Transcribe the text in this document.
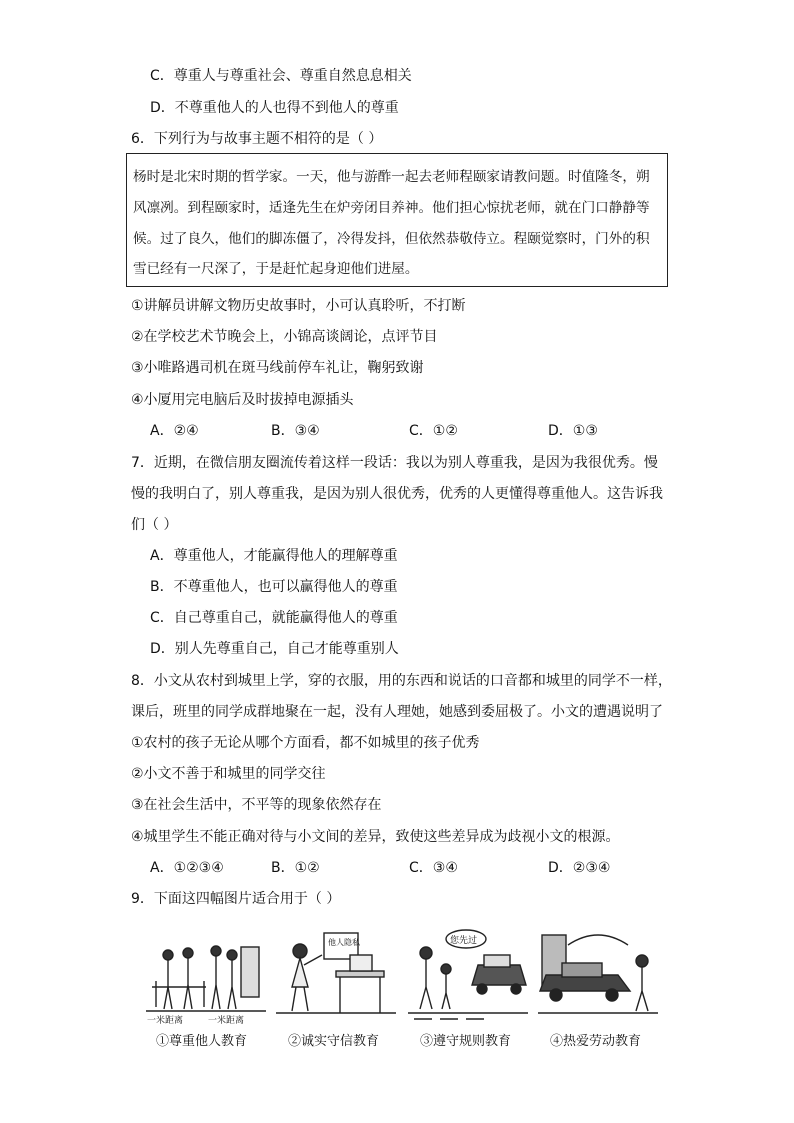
C．尊重人与尊重社会、尊重自然息息相关
D．不尊重他人的人也得不到他人的尊重
6．下列行为与故事主题不相符的是（ ）
杨时是北宋时期的哲学家。一天，他与游酢一起去老师程颐家请教问题。时值隆冬，朔
风凛冽。到程颐家时，适逢先生在炉旁闭目养神。他们担心惊扰老师，就在门口静静等
候。过了良久，他们的脚冻僵了，冷得发抖，但依然恭敬侍立。程颐觉察时，门外的积
雪已经有一尺深了，于是赶忙起身迎他们进屋。
①讲解员讲解文物历史故事时，小可认真聆听，不打断
②在学校艺术节晚会上，小锦高谈阔论，点评节目
③小唯路遇司机在斑马线前停车礼让，鞠躬致谢
④小厦用完电脑后及时拔掉电源插头
A．②④	B．③④	C．①②	D．①③
7．近期，在微信朋友圈流传着这样一段话：我以为别人尊重我，是因为我很优秀。慢
慢的我明白了，别人尊重我，是因为别人很优秀，优秀的人更懂得尊重他人。这告诉我
们（ ）
A．尊重他人，才能赢得他人的理解尊重
B．不尊重他人，也可以赢得他人的尊重
C．自己尊重自己，就能赢得他人的尊重
D．别人先尊重自己，自己才能尊重别人
8．小文从农村到城里上学，穿的衣服，用的东西和说话的口音都和城里的同学不一样，
课后，班里的同学成群地聚在一起，没有人理她，她感到委屈极了。小文的遭遇说明了
①农村的孩子无论从哪个方面看，都不如城里的孩子优秀
②小文不善于和城里的同学交往
③在社会生活中，不平等的现象依然存在
④城里学生不能正确对待与小文间的差异，致使这些差异成为歧视小文的根源。
A．①②③④	B．①②	C．③④	D．②③④
9．下面这四幅图片适合用于（ ）
一米距离	一米距离
他人隐私	您先过
①尊重他人教育	②诚实守信教育	③遵守规则教育	④热爱劳动教育
